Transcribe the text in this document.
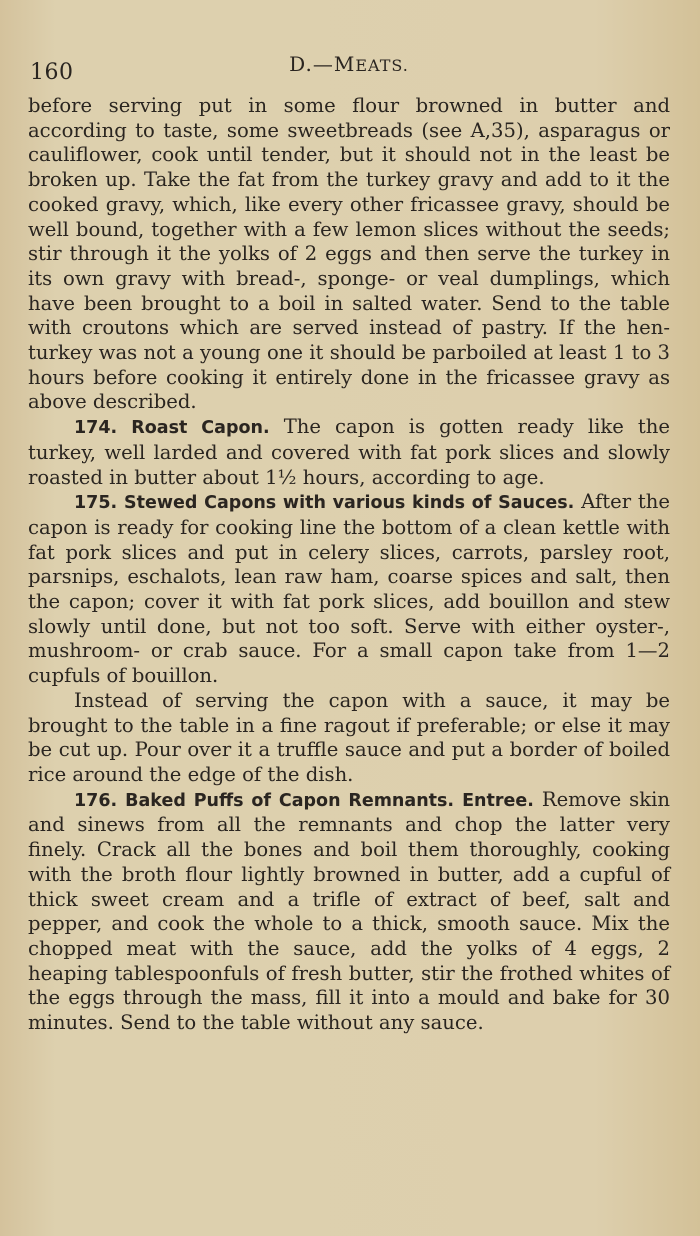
160	D.—MEATS.

before serving put in some flour browned in butter and according to taste, some sweetbreads (see A,35), asparagus or cauliflower, cook until tender, but it should not in the least be broken up. Take the fat from the turkey gravy and add to it the cooked gravy, which, like every other fricassee gravy, should be well bound, together with a few lemon slices without the seeds; stir through it the yolks of 2 eggs and then serve the turkey in its own gravy with bread-, sponge- or veal dumplings, which have been brought to a boil in salted water. Send to the table with croutons which are served instead of pastry. If the hen-turkey was not a young one it should be parboiled at least 1 to 3 hours before cooking it entirely done in the fricassee gravy as above described.

174. Roast Capon. The capon is gotten ready like the turkey, well larded and covered with fat pork slices and slowly roasted in butter about 1½ hours, according to age.

175. Stewed Capons with various kinds of Sauces. After the capon is ready for cooking line the bottom of a clean kettle with fat pork slices and put in celery slices, carrots, parsley root, parsnips, eschalots, lean raw ham, coarse spices and salt, then the capon; cover it with fat pork slices, add bouillon and stew slowly until done, but not too soft. Serve with either oyster-, mushroom- or crab sauce. For a small capon take from 1—2 cupfuls of bouillon.

Instead of serving the capon with a sauce, it may be brought to the table in a fine ragout if preferable; or else it may be cut up. Pour over it a truffle sauce and put a border of boiled rice around the edge of the dish.

176. Baked Puffs of Capon Remnants. Entree. Remove skin and sinews from all the remnants and chop the latter very finely. Crack all the bones and boil them thoroughly, cooking with the broth flour lightly browned in butter, add a cupful of thick sweet cream and a trifle of extract of beef, salt and pepper, and cook the whole to a thick, smooth sauce. Mix the chopped meat with the sauce, add the yolks of 4 eggs, 2 heaping tablespoonfuls of fresh butter, stir the frothed whites of the eggs through the mass, fill it into a mould and bake for 30 minutes. Send to the table without any sauce.
